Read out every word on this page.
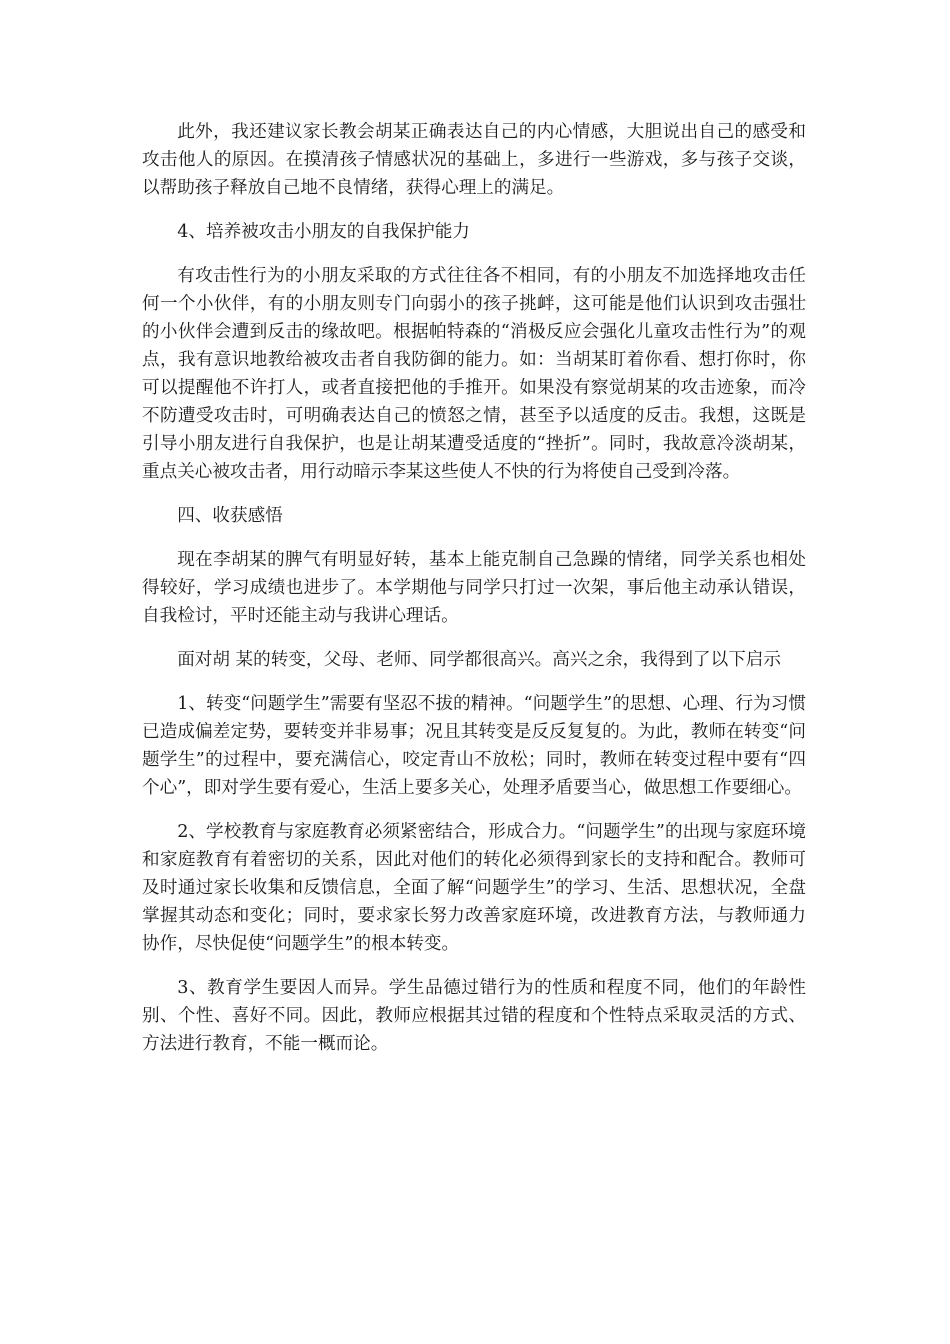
此外，我还建议家长教会胡某正确表达自己的内心情感，大胆说出自己的感受和攻击他人的原因。在摸清孩子情感状况的基础上，多进行一些游戏，多与孩子交谈，以帮助孩子释放自己地不良情绪，获得心理上的满足。

4、培养被攻击小朋友的自我保护能力

有攻击性行为的小朋友采取的方式往往各不相同，有的小朋友不加选择地攻击任何一个小伙伴，有的小朋友则专门向弱小的孩子挑衅，这可能是他们认识到攻击强壮的小伙伴会遭到反击的缘故吧。根据帕特森的“消极反应会强化儿童攻击性行为”的观点，我有意识地教给被攻击者自我防御的能力。如：当胡某盯着你看、想打你时，你可以提醒他不许打人，或者直接把他的手推开。如果没有察觉胡某的攻击迹象，而冷不防遭受攻击时，可明确表达自己的愤怒之情，甚至予以适度的反击。我想，这既是引导小朋友进行自我保护，也是让胡某遭受适度的“挫折”。同时，我故意冷淡胡某，重点关心被攻击者，用行动暗示李某这些使人不快的行为将使自己受到冷落。

四、收获感悟

现在李胡某的脾气有明显好转，基本上能克制自己急躁的情绪，同学关系也相处得较好，学习成绩也进步了。本学期他与同学只打过一次架，事后他主动承认错误，自我检讨，平时还能主动与我讲心理话。

面对胡 某的转变，父母、老师、同学都很高兴。高兴之余，我得到了以下启示

1、转变“问题学生”需要有坚忍不拔的精神。“问题学生”的思想、心理、行为习惯已造成偏差定势，要转变并非易事；况且其转变是反反复复的。为此，教师在转变“问题学生”的过程中，要充满信心，咬定青山不放松；同时，教师在转变过程中要有“四个心”，即对学生要有爱心，生活上要多关心，处理矛盾要当心，做思想工作要细心。

2、学校教育与家庭教育必须紧密结合，形成合力。“问题学生”的出现与家庭环境和家庭教育有着密切的关系，因此对他们的转化必须得到家长的支持和配合。教师可及时通过家长收集和反馈信息，全面了解“问题学生”的学习、生活、思想状况，全盘掌握其动态和变化；同时，要求家长努力改善家庭环境，改进教育方法，与教师通力协作，尽快促使“问题学生”的根本转变。

3、教育学生要因人而异。学生品德过错行为的性质和程度不同，他们的年龄性别、个性、喜好不同。因此，教师应根据其过错的程度和个性特点采取灵活的方式、方法进行教育，不能一概而论。
